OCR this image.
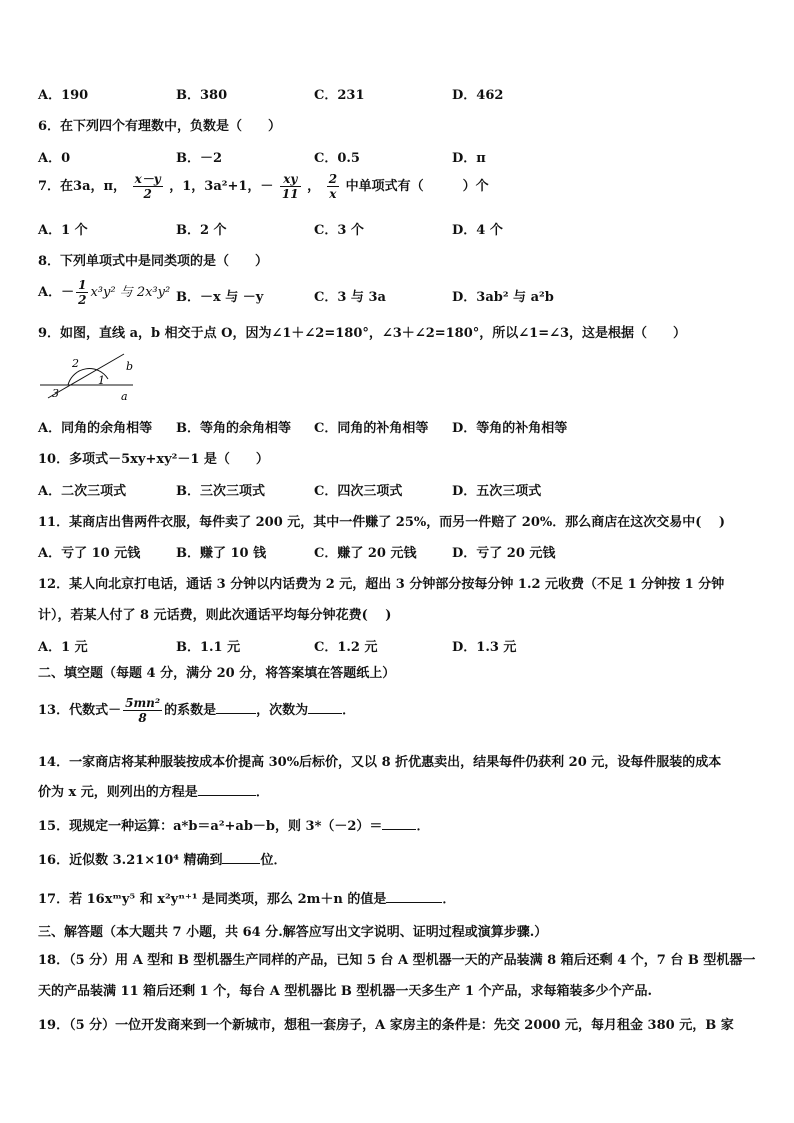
A．190	B．380	C．231	D．462
6．在下列四个有理数中，负数是（　　）
A．0	B．－2	C．0.5	D．π
7．在3a，π， $\frac{x-y}{2}$ ，1，3a²+1，－ $\frac{xy}{11}$ ， $\frac{2}{x}$ 中单项式有（　　　）个
A．1 个	B．2 个	C．3 个	D．4 个
8．下列单项式中是同类项的是（　　）
A．－ $\frac{1}{2} x^3y^2$ 与 2x³y² B．－x 与 －y	C．3 与 3a	D．3ab² 与 a²b
9．如图，直线 a，b 相交于点 O，因为∠1＋∠2=180°，∠3＋∠2=180°，所以∠1=∠3，这是根据（　　）
2
1
3
b
a
A．同角的余角相等 B．等角的余角相等 C．同角的补角相等 D．等角的补角相等
10．多项式－5xy+xy²－1 是（　　）
A．二次三项式	B．三次三项式	C．四次三项式	D．五次三项式
11．某商店出售两件衣服，每件卖了 200 元，其中一件赚了 25%，而另一件赔了 20%．那么商店在这次交易中(　 )
A．亏了 10 元钱	B．赚了 10 钱	C．赚了 20 元钱	D．亏了 20 元钱
12．某人向北京打电话，通话 3 分钟以内话费为 2 元，超出 3 分钟部分按每分钟 1.2 元收费（不足 1 分钟按 1 分钟
计），若某人付了 8 元话费，则此次通话平均每分钟花费(　 )
A．1 元	B．1.1 元	C．1.2 元	D．1.3 元
二、填空题（每题 4 分，满分 20 分，将答案填在答题纸上）
13．代数式－ $\frac{\text{5mn²}}{8}$ 的系数是	，次数为	．
14．一家商店将某种服装按成本价提高 30%后标价，又以 8 折优惠卖出，结果每件仍获利 20 元，设每件服装的成本
价为 x 元，则列出的方程是	．
15．现规定一种运算：a*b＝a²+ab－b，则 3*（－2）＝	．
16．近似数 3.21×10⁴ 精确到	位．
17．若 16xᵐy⁵ 和 x²yⁿ⁺¹ 是同类项，那么 2m＋n 的值是	．
三、解答题（本大题共 7 小题，共 64 分.解答应写出文字说明、证明过程或演算步骤.）
18．（5 分）用 A 型和 B 型机器生产同样的产品，已知 5 台 A 型机器一天的产品装满 8 箱后还剩 4 个，7 台 B 型机器一
天的产品装满 11 箱后还剩 1 个，每台 A 型机器比 B 型机器一天多生产 1 个产品，求每箱装多少个产品.
19．（5 分）一位开发商来到一个新城市，想租一套房子，A 家房主的条件是：先交 2000 元，每月租金 380 元，B 家
